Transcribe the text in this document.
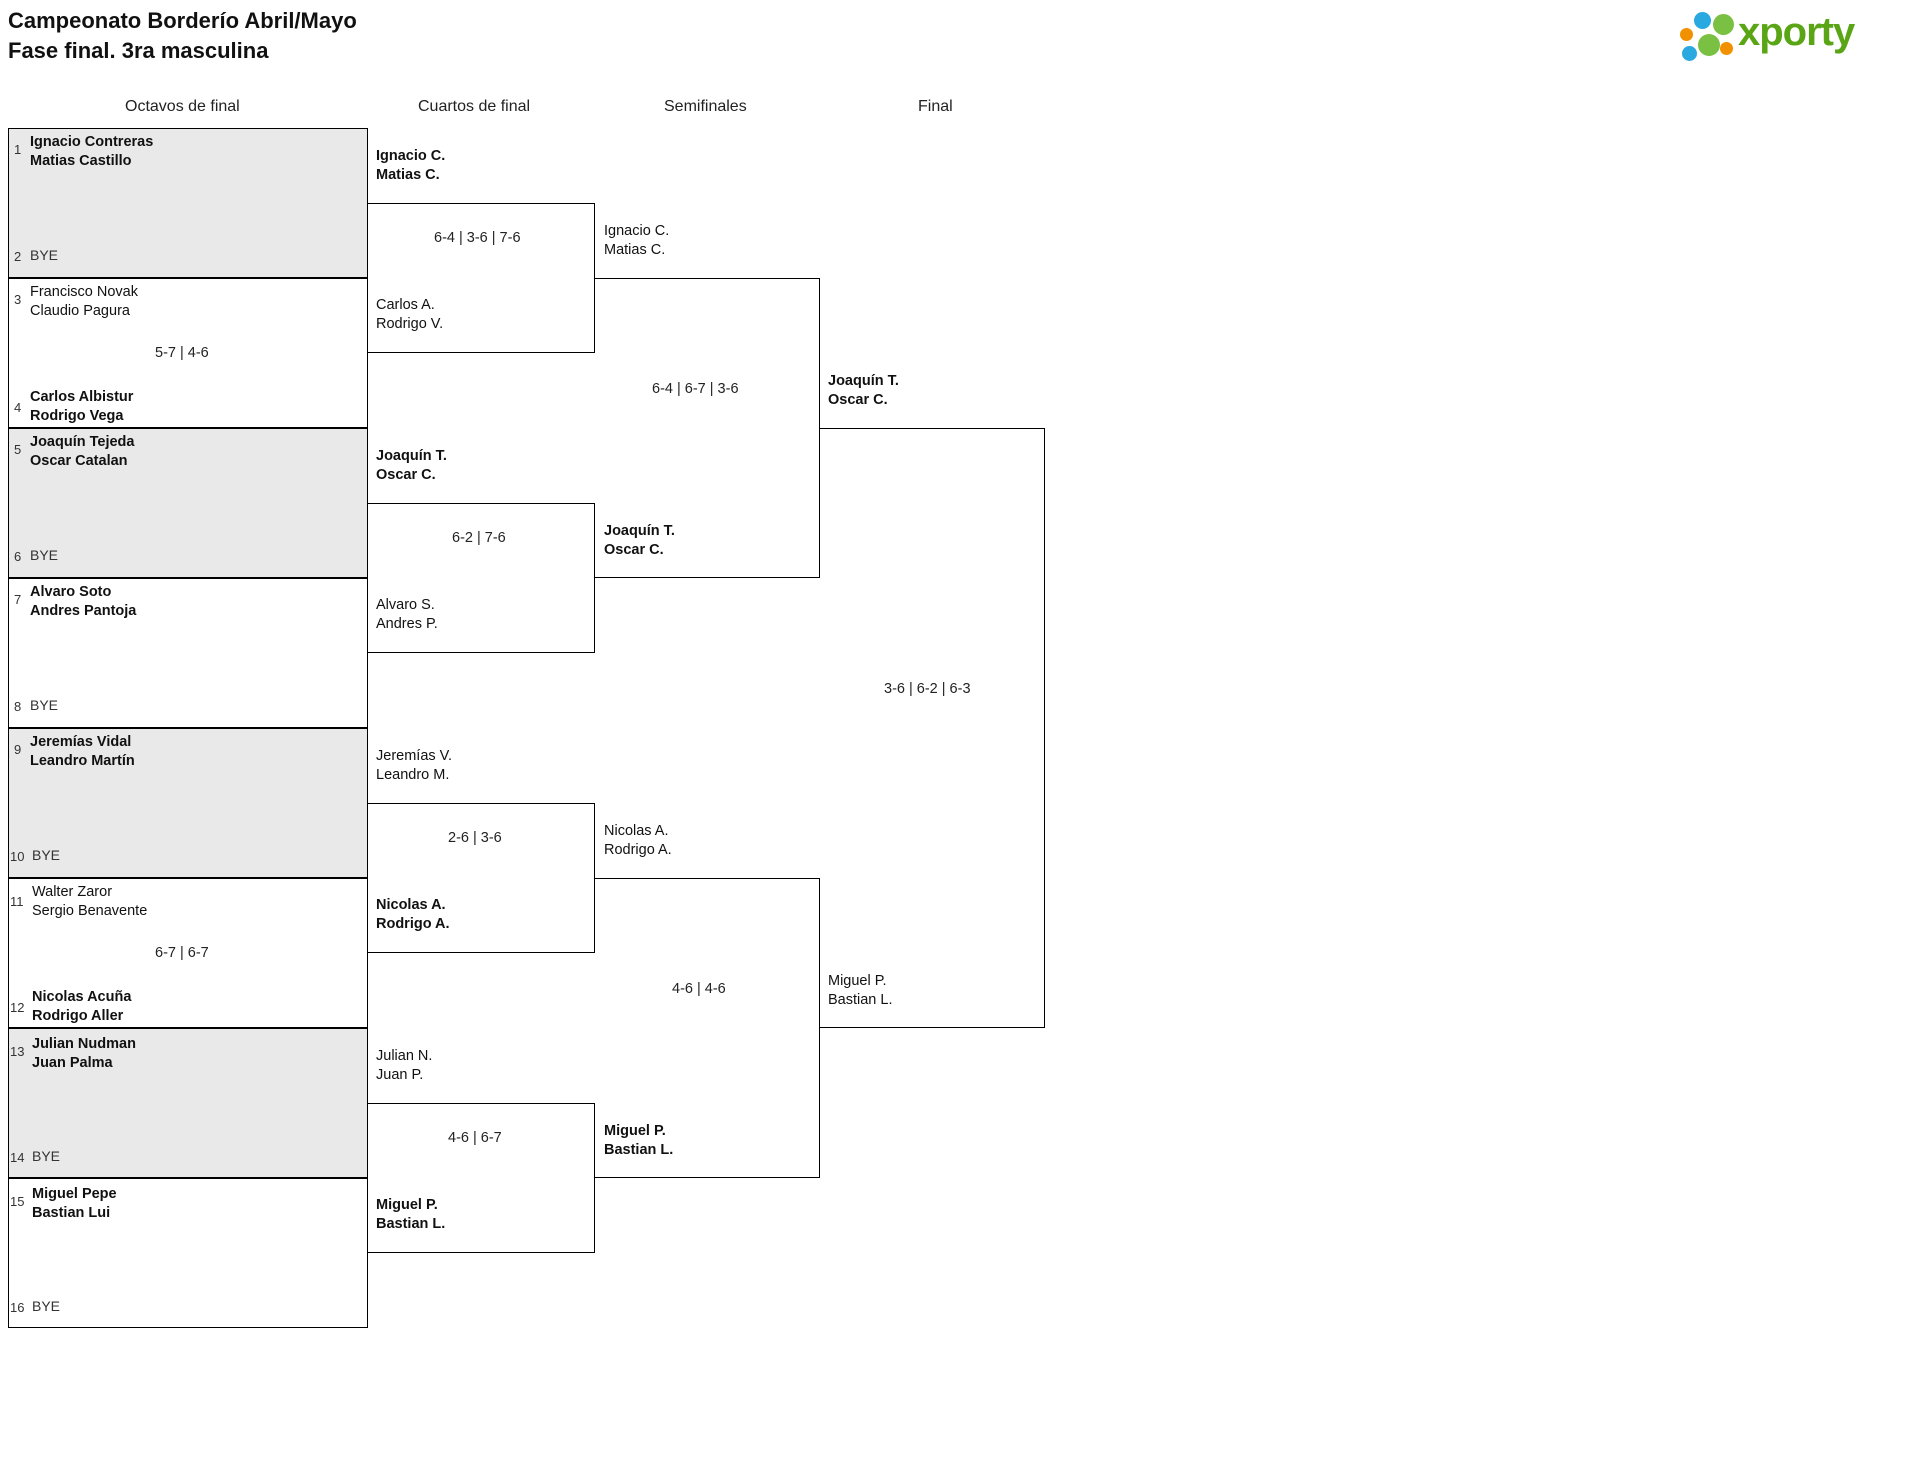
Campeonato Borderío Abril/Mayo
Fase final. 3ra masculina	xporty
Octavos de final	Cuartos de final	Semifinales	Final
1 Ignacio Contreras
Matias Castillo
2 BYE
3 Francisco Novak
Claudio Pagura
5-7 | 4-6
4
Carlos Albistur
Rodrigo Vega
5 Joaquín Tejeda
Oscar Catalan
6 BYE
7 Alvaro Soto
Andres Pantoja
8 BYE
9 Jeremías Vidal
Leandro Martín
10 BYE
11
Walter Zaror
Sergio Benavente
6-7 | 6-7
12
Nicolas Acuña
Rodrigo Aller
13 Julian Nudman
Juan Palma
14 BYE
15 Miguel Pepe
Bastian Lui
16 BYE
Ignacio C.
Matias C.
6-4 | 3-6 | 7-6
Carlos A.
Rodrigo V.
Joaquín T.
Oscar C.
6-2 | 7-6
Alvaro S.
Andres P.
Jeremías V.
Leandro M.
2-6 | 3-6
Nicolas A.
Rodrigo A.
Julian N.
Juan P.
4-6 | 6-7
Miguel P.
Bastian L.
Ignacio C.
Matias C.
6-4 | 6-7 | 3-6
Joaquín T.
Oscar C.
Nicolas A.
Rodrigo A.
4-6 | 4-6
Miguel P.
Bastian L.
Joaquín T.
Oscar C.
3-6 | 6-2 | 6-3
Miguel P.
Bastian L.
